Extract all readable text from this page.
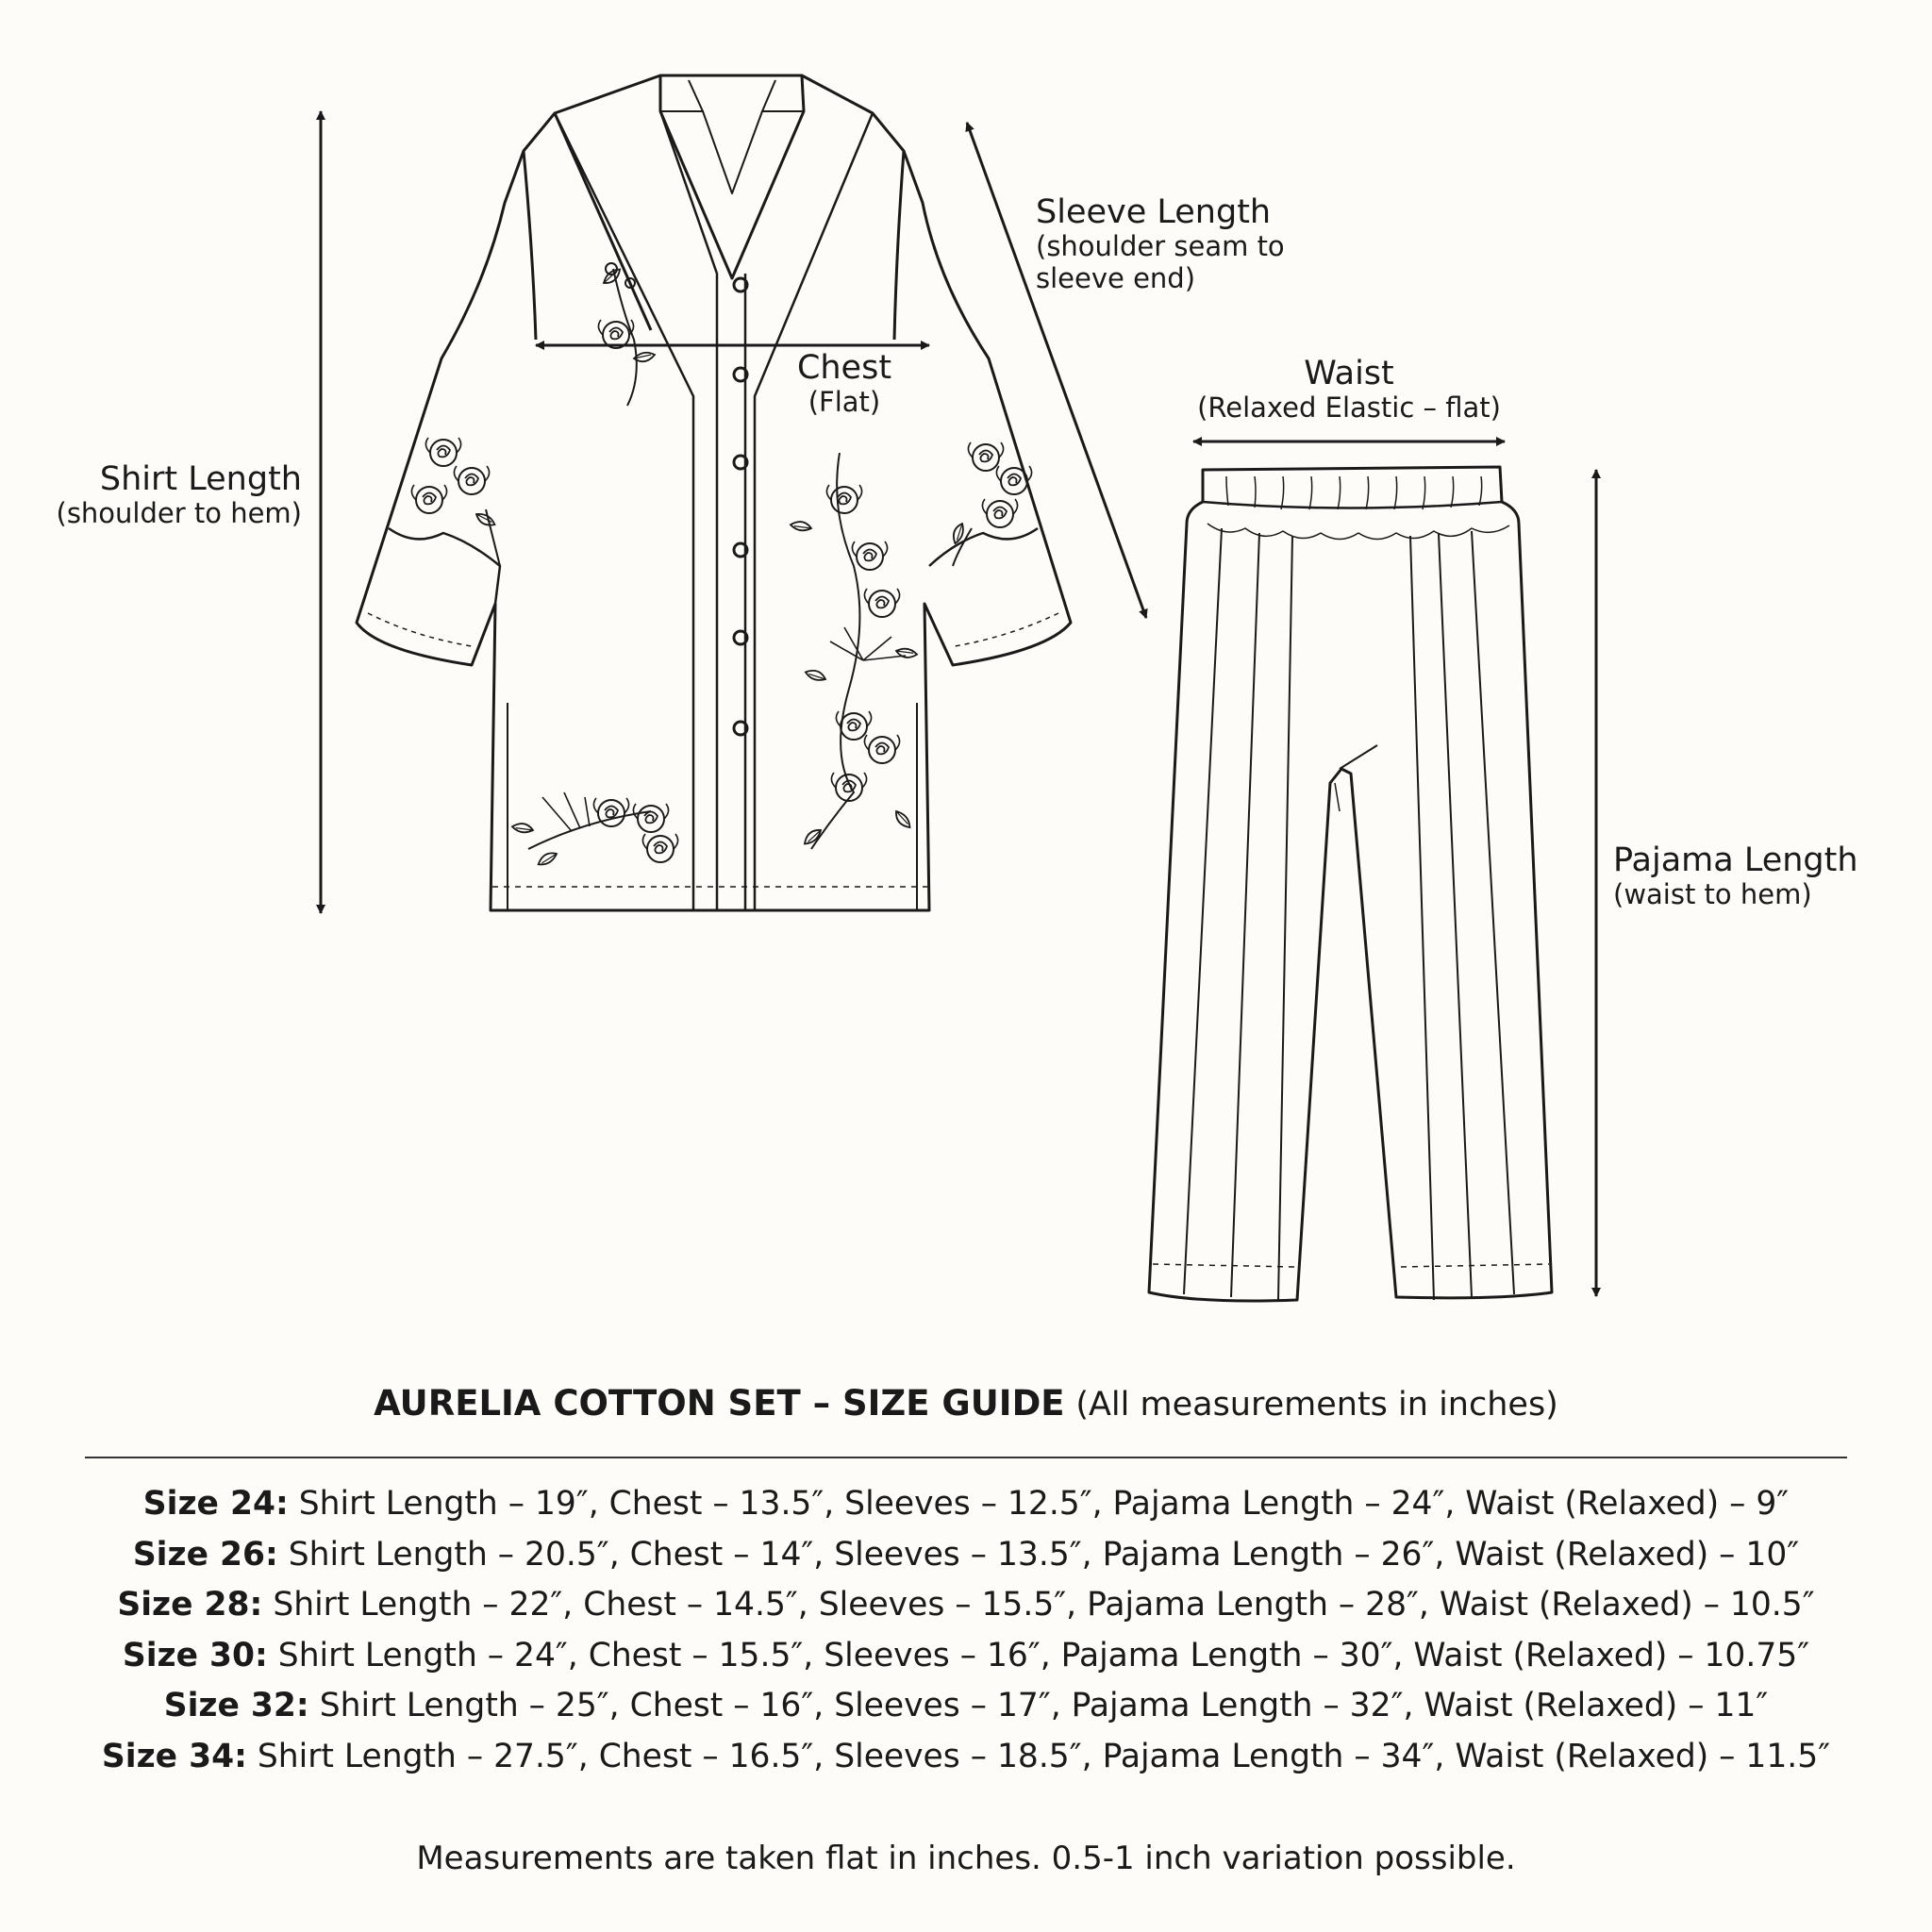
Shirt Length
(shoulder to hem)
Sleeve Length
(shoulder seam to
sleeve end)
Chest
(Flat)
Waist
(Relaxed Elastic – flat)
Pajama Length
(waist to hem)
AURELIA COTTON SET – SIZE GUIDE (All measurements in inches)
Size 24: Shirt Length – 19″, Chest – 13.5″, Sleeves – 12.5″, Pajama Length – 24″, Waist (Relaxed) – 9″
Size 26: Shirt Length – 20.5″, Chest – 14″, Sleeves – 13.5″, Pajama Length – 26″, Waist (Relaxed) – 10″
Size 28: Shirt Length – 22″, Chest – 14.5″, Sleeves – 15.5″, Pajama Length – 28″, Waist (Relaxed) – 10.5″
Size 30: Shirt Length – 24″, Chest – 15.5″, Sleeves – 16″, Pajama Length – 30″, Waist (Relaxed) – 10.75″
Size 32: Shirt Length – 25″, Chest – 16″, Sleeves – 17″, Pajama Length – 32″, Waist (Relaxed) – 11″
Size 34: Shirt Length – 27.5″, Chest – 16.5″, Sleeves – 18.5″, Pajama Length – 34″, Waist (Relaxed) – 11.5″
Measurements are taken flat in inches. 0.5-1 inch variation possible.
